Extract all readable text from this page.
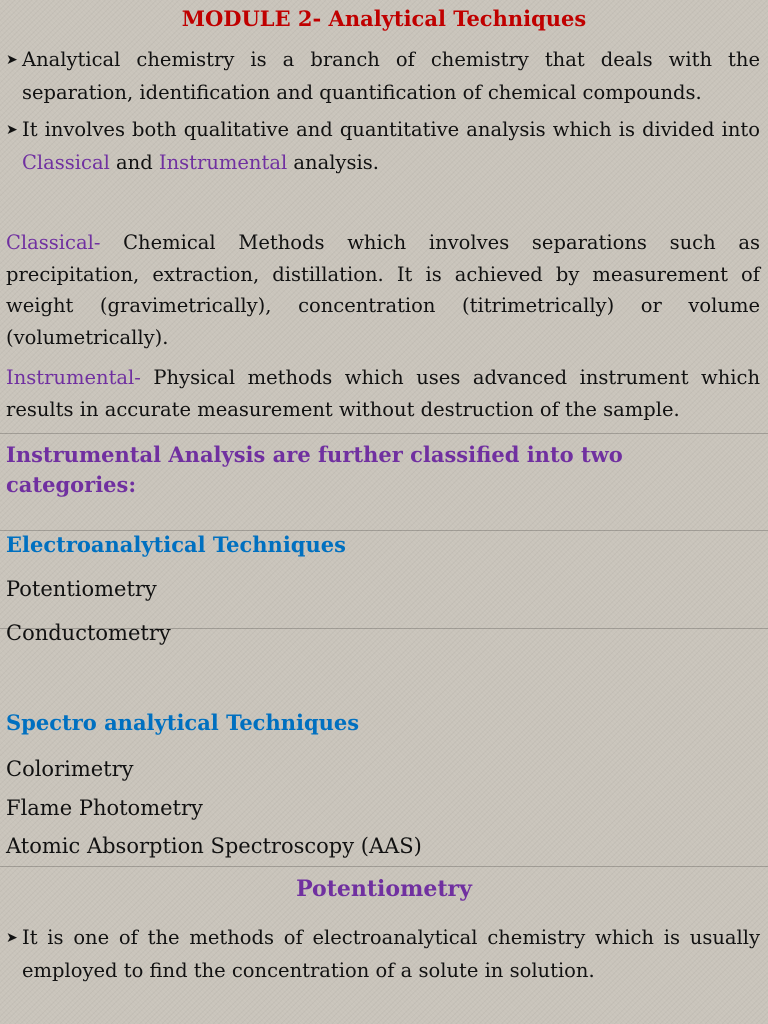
MODULE 2- Analytical Techniques
➤ Analytical chemistry is a branch of chemistry that deals with the separation, identification and quantification of chemical compounds.
➤ It involves both qualitative and quantitative analysis which is divided into Classical and Instrumental analysis.
Classical- Chemical Methods which involves separations such as precipitation, extraction, distillation. It is achieved by measurement of weight (gravimetrically), concentration (titrimetrically) or volume (volumetrically).
Instrumental- Physical methods which uses advanced instrument which results in accurate measurement without destruction of the sample.
Instrumental Analysis are further classified into two categories:
Electroanalytical Techniques
Potentiometry
Conductometry
Spectro analytical Techniques
Colorimetry
Flame Photometry
Atomic Absorption Spectroscopy (AAS)
Potentiometry
➤ It is one of the methods of electroanalytical chemistry which is usually employed to find the concentration of a solute in solution.
